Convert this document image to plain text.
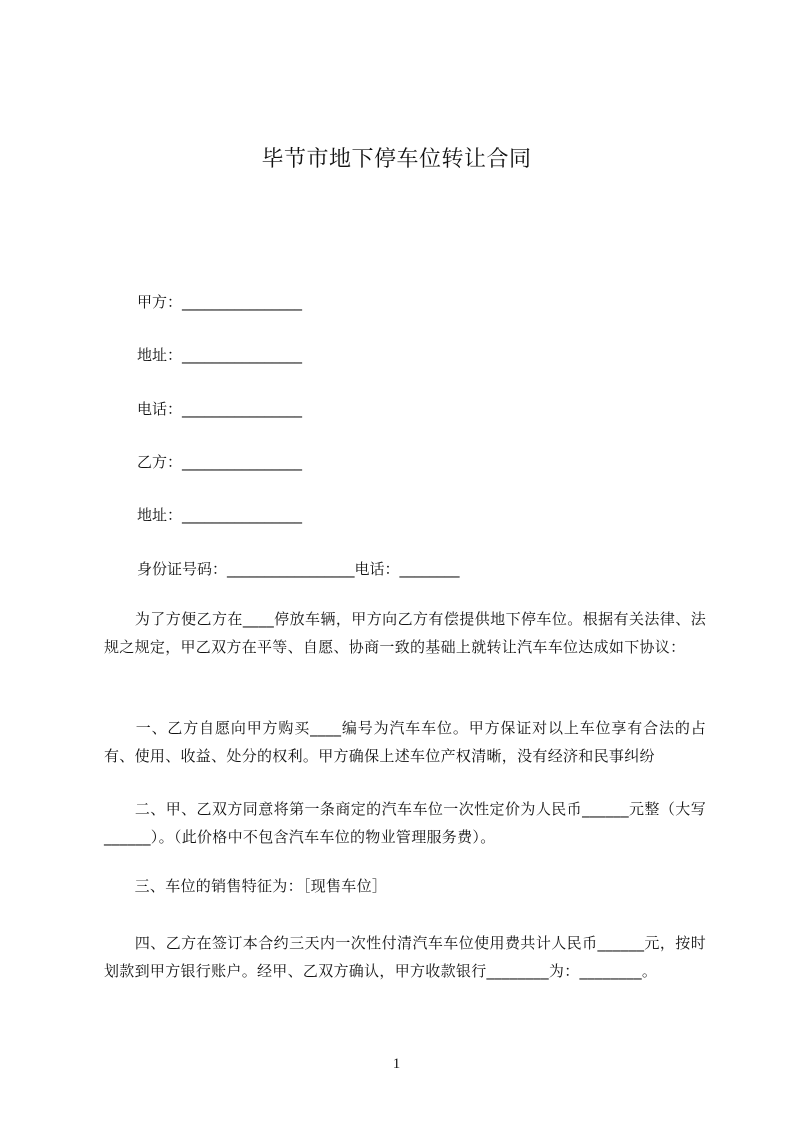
毕节市地下停车位转让合同
甲方：________________
地址：________________
电话：________________
乙方：________________
地址：________________
身份证号码：_________________电话：________
　　为了方便乙方在____停放车辆，甲方向乙方有偿提供地下停车位。根据有关法律、法规之规定，甲乙双方在平等、自愿、协商一致的基础上就转让汽车车位达成如下协议：
　　一、乙方自愿向甲方购买____编号为汽车车位。甲方保证对以上车位享有合法的占有、使用、收益、处分的权利。甲方确保上述车位产权清晰，没有经济和民事纠纷
　　二、甲、乙双方同意将第一条商定的汽车车位一次性定价为人民币______元整（大写______）。（此价格中不包含汽车车位的物业管理服务费）。
　　三、车位的销售特征为：［现售车位］
　　四、乙方在签订本合约三天内一次性付清汽车车位使用费共计人民币______元，按时划款到甲方银行账户。经甲、乙双方确认，甲方收款银行________为：________。
1
